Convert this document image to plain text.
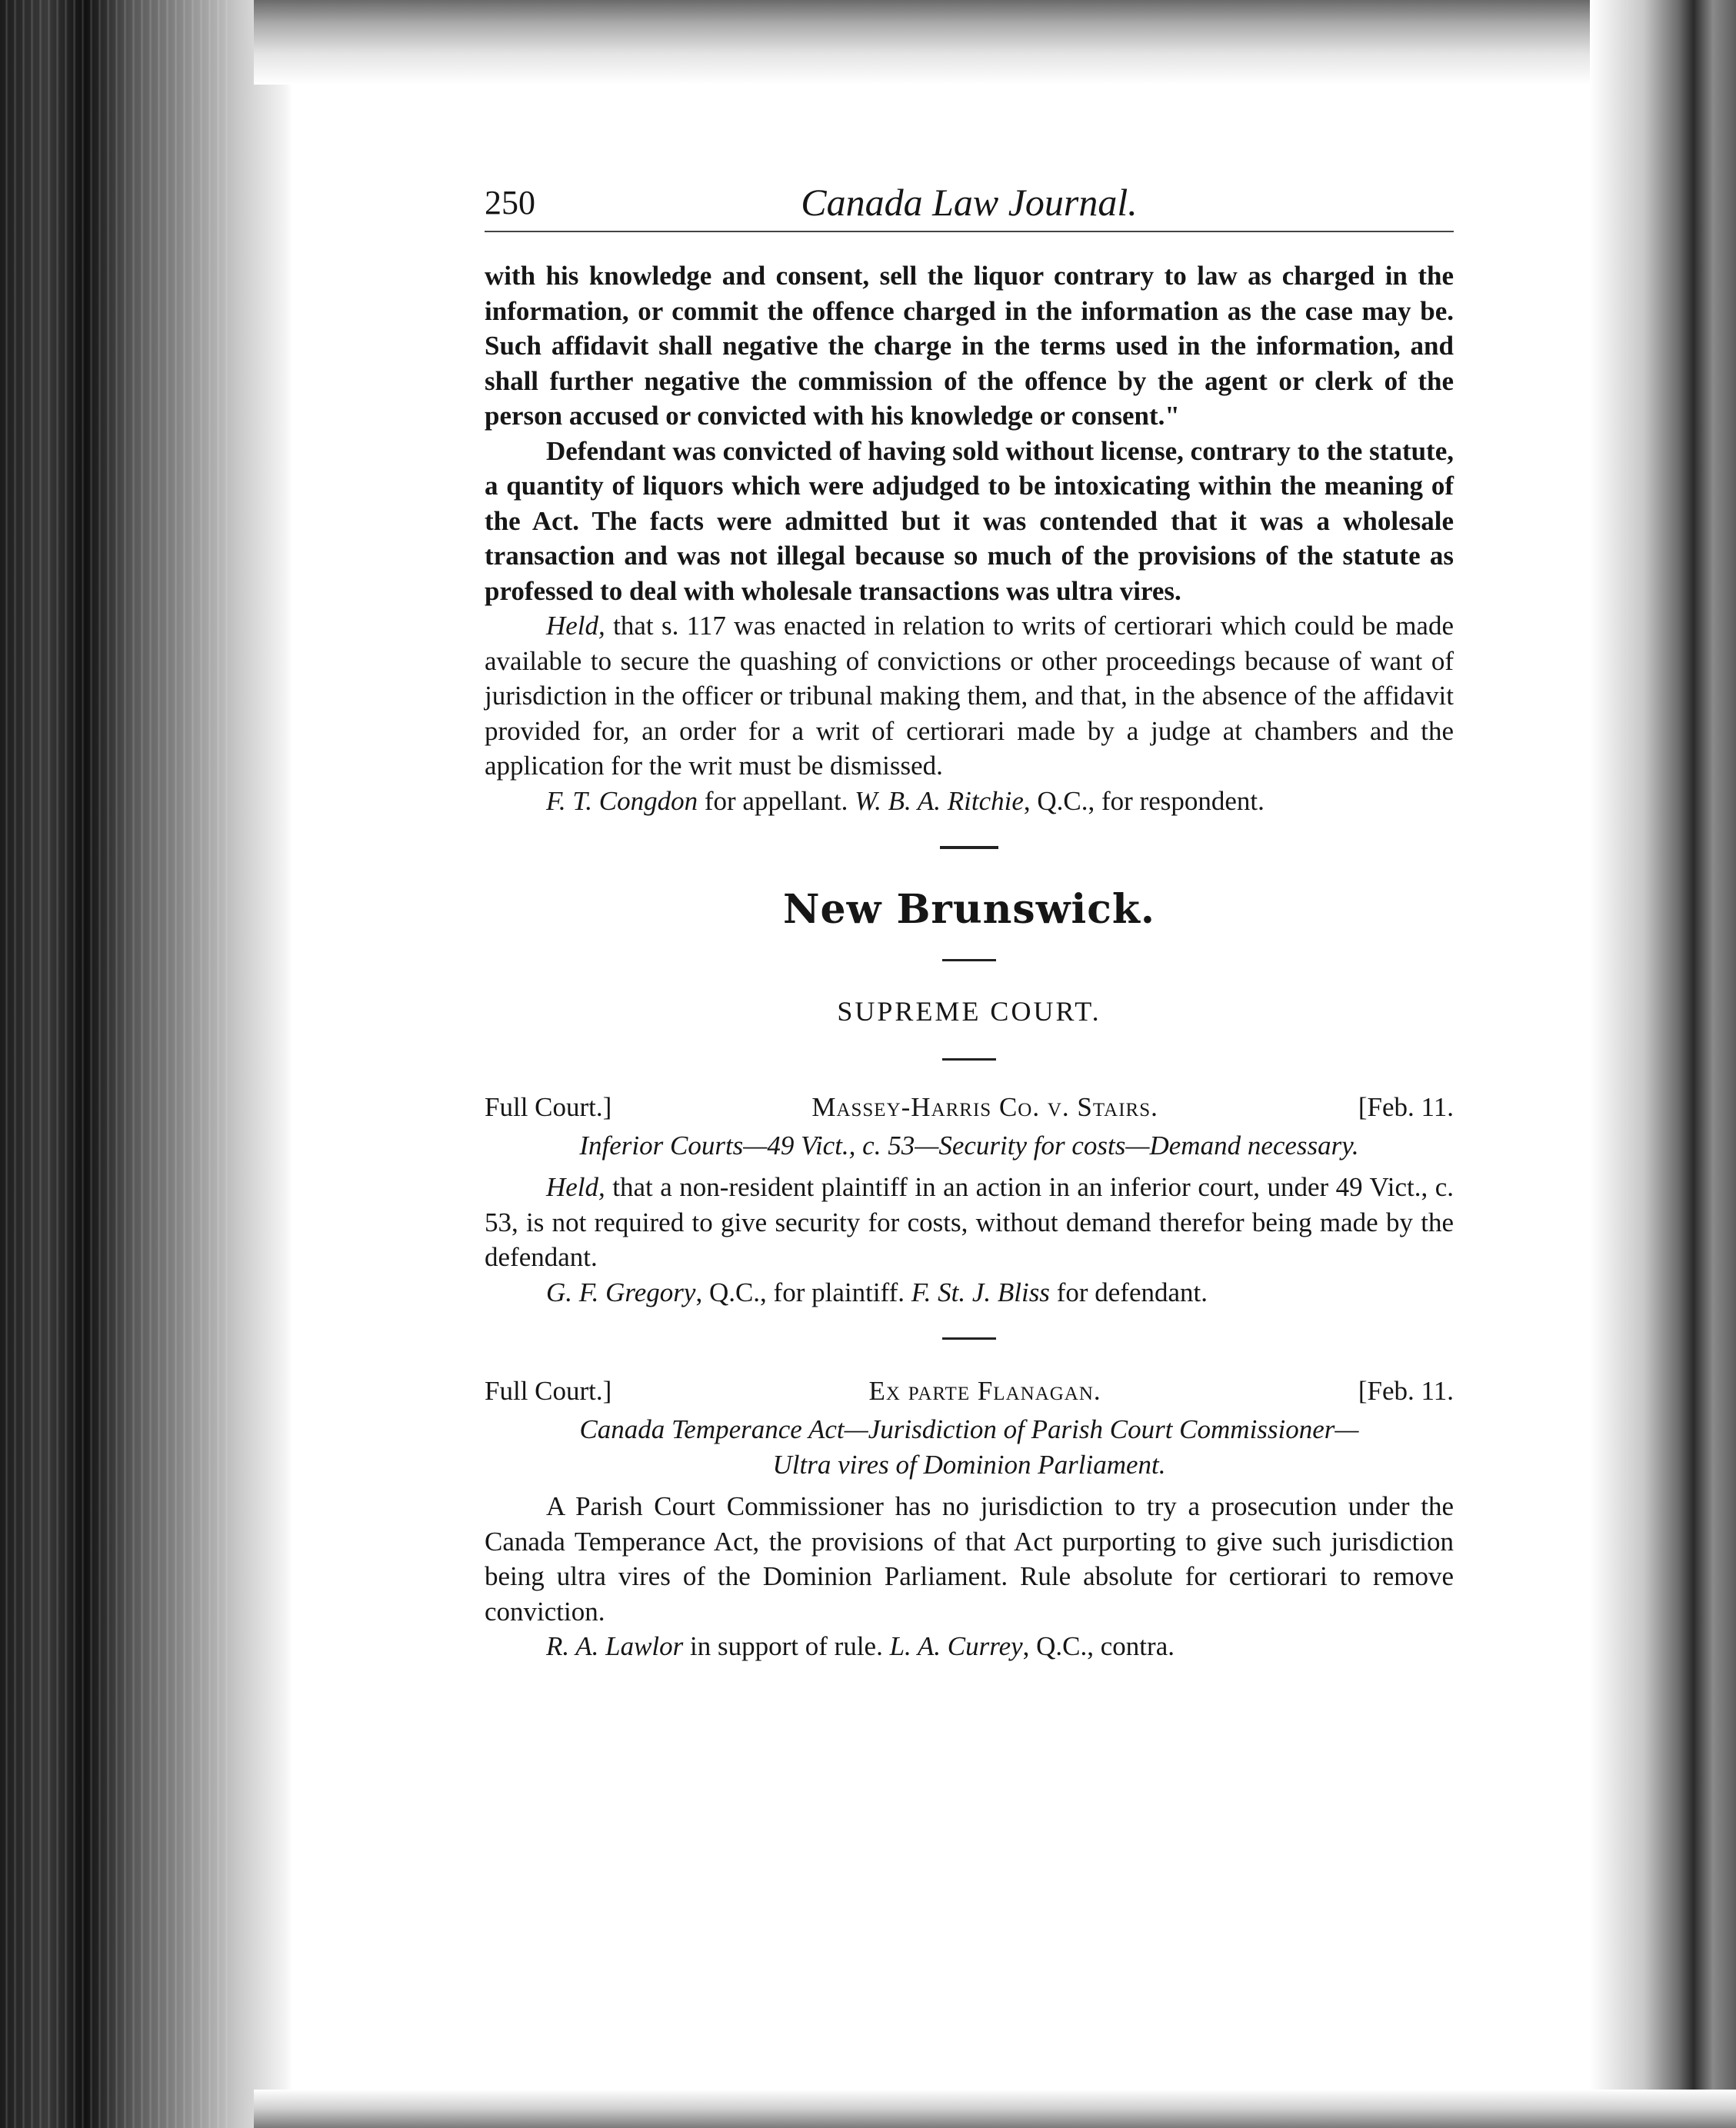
250	Canada Law Journal.

with his knowledge and consent, sell the liquor contrary to law as charged in the information, or commit the offence charged in the information as the case may be. Such affidavit shall negative the charge in the terms used in the information, and shall further negative the commission of the offence by the agent or clerk of the person accused or convicted with his knowledge or consent."

Defendant was convicted of having sold without license, contrary to the statute, a quantity of liquors which were adjudged to be intoxicating within the meaning of the Act. The facts were admitted but it was contended that it was a wholesale transaction and was not illegal because so much of the provisions of the statute as professed to deal with wholesale transactions was ultra vires.

Held, that s. 117 was enacted in relation to writs of certiorari which could be made available to secure the quashing of convictions or other proceedings because of want of jurisdiction in the officer or tribunal making them, and that, in the absence of the affidavit provided for, an order for a writ of certiorari made by a judge at chambers and the application for the writ must be dismissed.

F. T. Congdon for appellant. W. B. A. Ritchie, Q.C., for respondent.

New Brunswick.
SUPREME COURT.
Full Court.]	Massey-Harris Co. v. Stairs.	[Feb. 11.
Inferior Courts—49 Vict., c. 53—Security for costs—Demand necessary.

Held, that a non-resident plaintiff in an action in an inferior court, under 49 Vict., c. 53, is not required to give security for costs, without demand therefor being made by the defendant.

G. F. Gregory, Q.C., for plaintiff. F. St. J. Bliss for defendant.

Full Court.]	Ex parte Flanagan.	[Feb. 11.
Canada Temperance Act—Jurisdiction of Parish Court Commissioner—
Ultra vires of Dominion Parliament.

A Parish Court Commissioner has no jurisdiction to try a prosecution under the Canada Temperance Act, the provisions of that Act purporting to give such jurisdiction being ultra vires of the Dominion Parliament. Rule absolute for certiorari to remove conviction.

R. A. Lawlor in support of rule. L. A. Currey, Q.C., contra.
